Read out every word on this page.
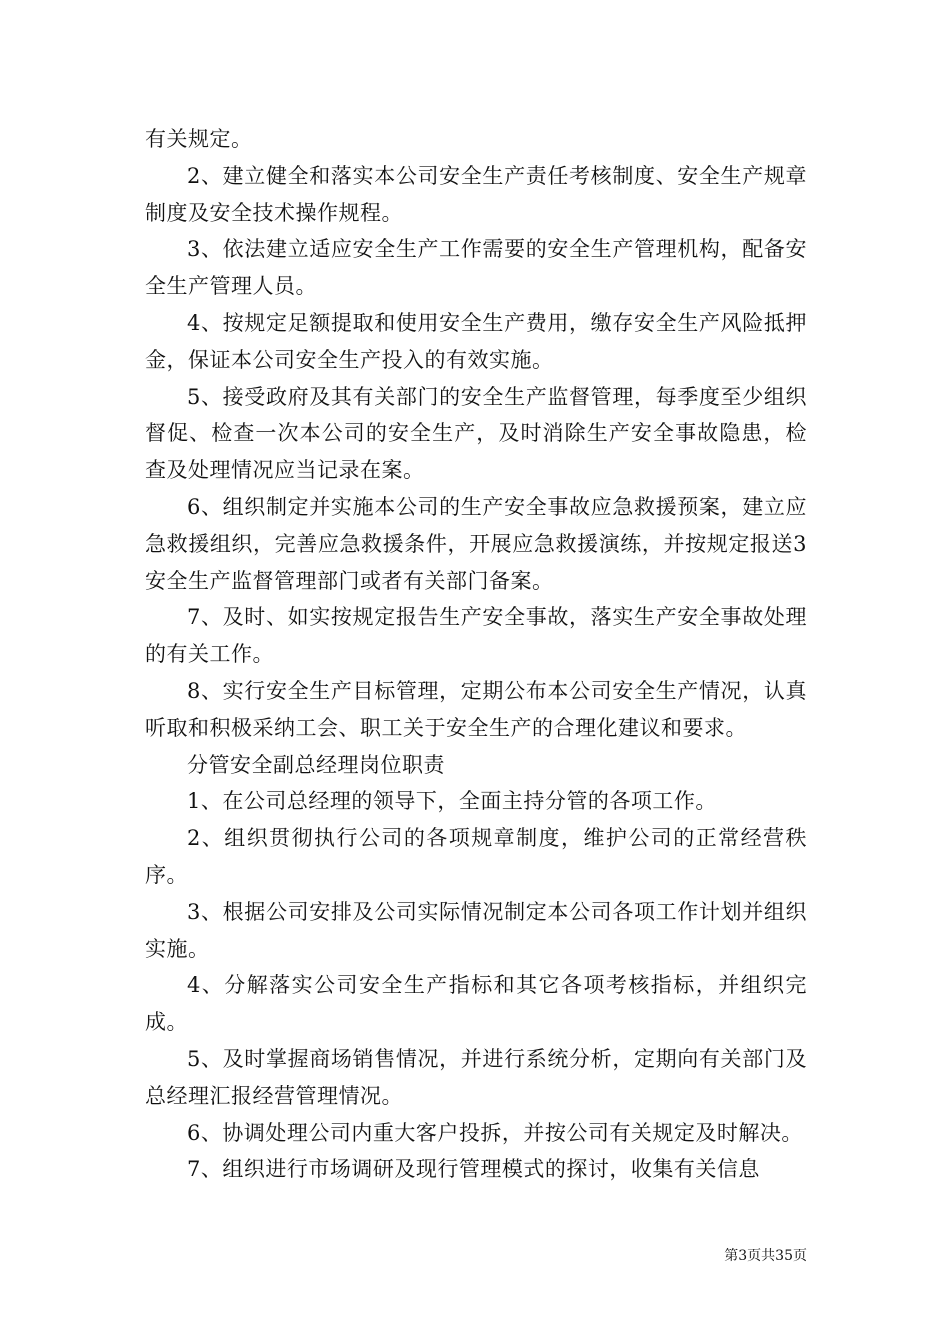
有关规定。

2、建立健全和落实本公司安全生产责任考核制度、安全生产规章制度及安全技术操作规程。

3、依法建立适应安全生产工作需要的安全生产管理机构，配备安全生产管理人员。

4、按规定足额提取和使用安全生产费用，缴存安全生产风险抵押金，保证本公司安全生产投入的有效实施。

5、接受政府及其有关部门的安全生产监督管理，每季度至少组织督促、检查一次本公司的安全生产，及时消除生产安全事故隐患，检查及处理情况应当记录在案。

6、组织制定并实施本公司的生产安全事故应急救援预案，建立应急救援组织，完善应急救援条件，开展应急救援演练，并按规定报送3安全生产监督管理部门或者有关部门备案。

7、及时、如实按规定报告生产安全事故，落实生产安全事故处理的有关工作。

8、实行安全生产目标管理，定期公布本公司安全生产情况，认真听取和积极采纳工会、职工关于安全生产的合理化建议和要求。

分管安全副总经理岗位职责

1、在公司总经理的领导下，全面主持分管的各项工作。

2、组织贯彻执行公司的各项规章制度，维护公司的正常经营秩序。

3、根据公司安排及公司实际情况制定本公司各项工作计划并组织实施。

4、分解落实公司安全生产指标和其它各项考核指标，并组织完成。

5、及时掌握商场销售情况，并进行系统分析，定期向有关部门及总经理汇报经营管理情况。

6、协调处理公司内重大客户投拆，并按公司有关规定及时解决。

7、组织进行市场调研及现行管理模式的探讨，收集有关信息

第3页共35页
